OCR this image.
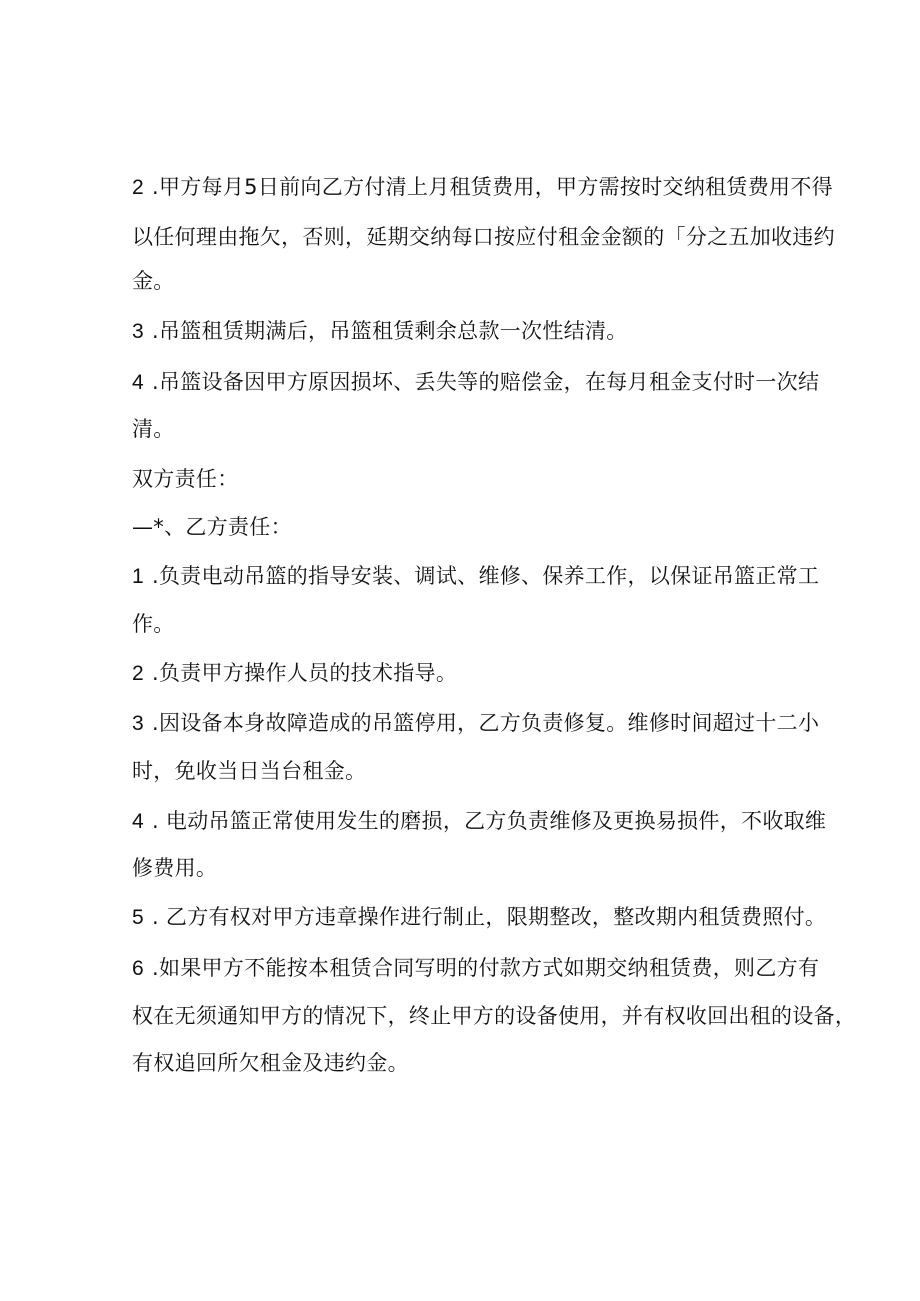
2 .甲方每月5日前向乙方付清上月租赁费用，甲方需按时交纳租赁费用不得
以任何理由拖欠，否则，延期交纳每口按应付租金金额的「分之五加收违约
金。
3 .吊篮租赁期满后，吊篮租赁剩余总款一次性结清。
4 .吊篮设备因甲方原因损坏、丢失等的赔偿金，在每月租金支付时一次结
清。
双方责任：
—*、乙方责任：
1 .负责电动吊篮的指导安装、调试、维修、保养工作，以保证吊篮正常工
作。
2 .负责甲方操作人员的技术指导。
3 .因设备本身故障造成的吊篮停用，乙方负责修复。维修时间超过十二小
时，免收当日当台租金。
4 . 电动吊篮正常使用发生的磨损，乙方负责维修及更换易损件，不收取维
修费用。
5 . 乙方有权对甲方违章操作进行制止，限期整改，整改期内租赁费照付。
6 .如果甲方不能按本租赁合同写明的付款方式如期交纳租赁费，则乙方有
权在无须通知甲方的情况下，终止甲方的设备使用，并有权收回出租的设备，
有权追回所欠租金及违约金。
